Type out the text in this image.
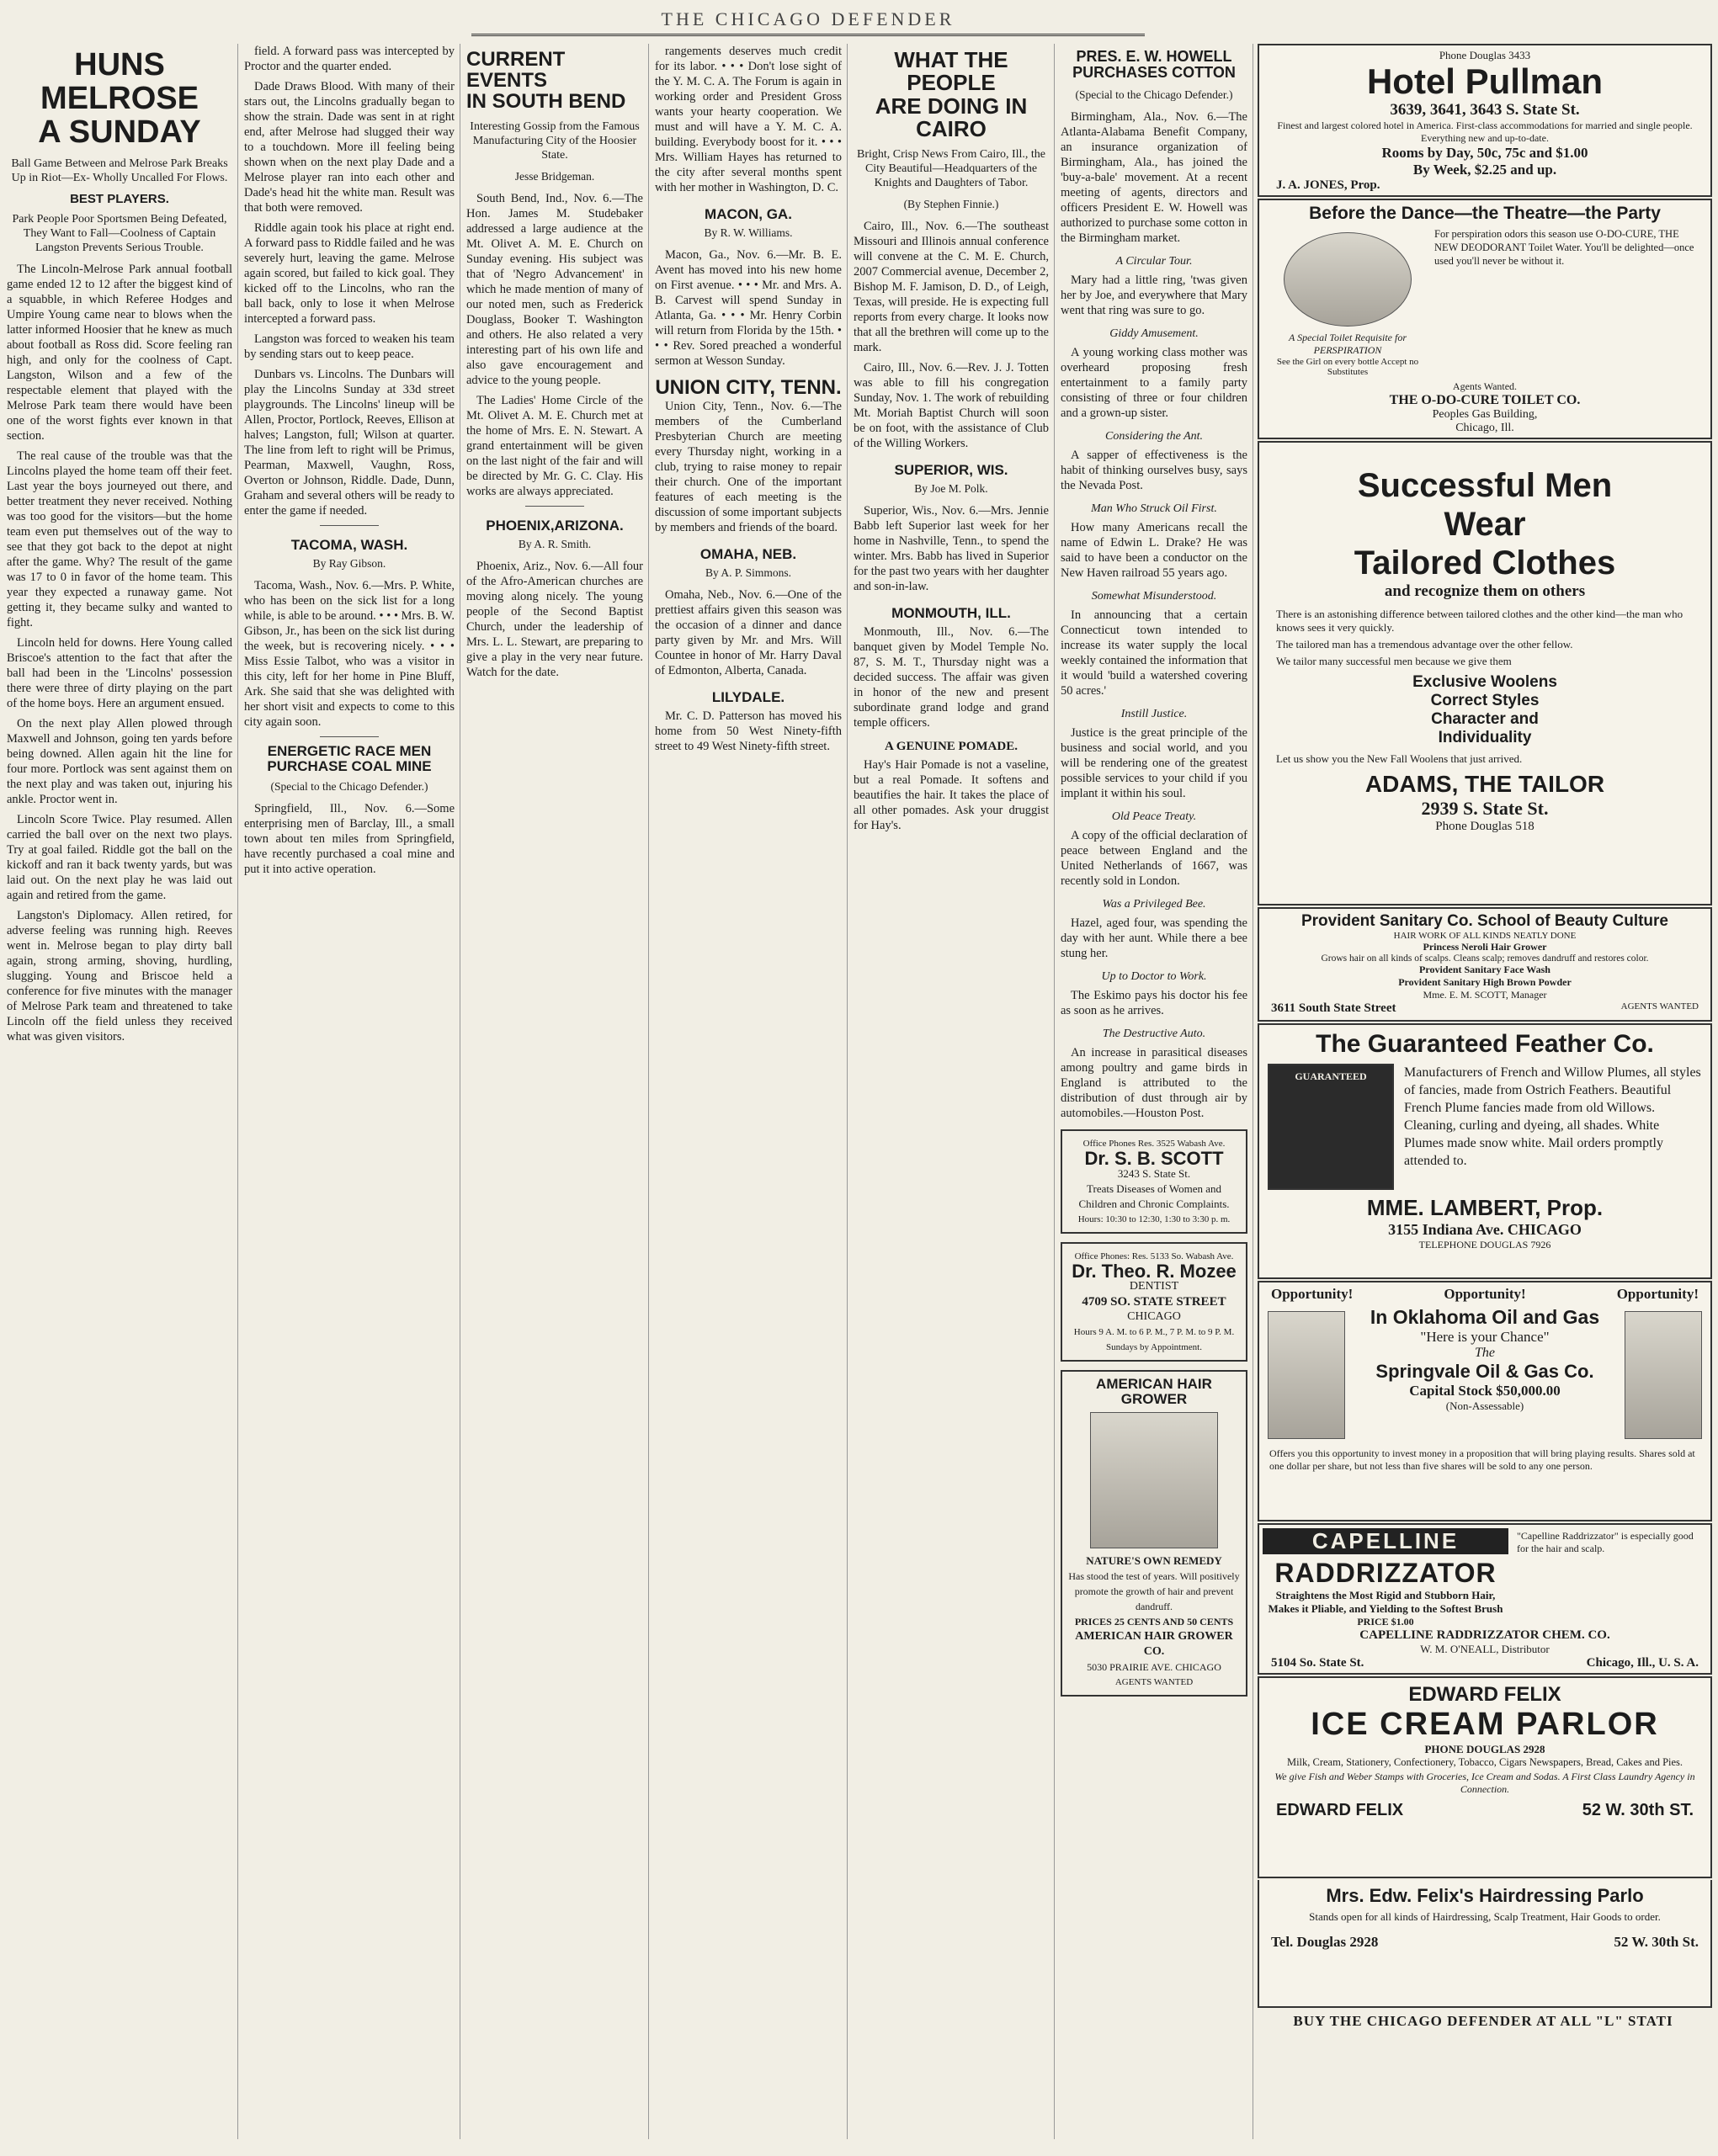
THE CHICAGO DEFENDER
HUNS
MELROSE
A SUNDAY
Ball Game Between and Melrose Park Breaks Up in Riot—Ex- Wholly Uncalled For Flows.
BEST PLAYERS.
Park People Poor Sportsmen Being Defeated, They Want to Fall—Coolness of Captain Langston Prevents Serious Trouble.

The Lincoln-Melrose Park annual football game ended 12 to 12 after the biggest kind of a squabble, in which Referee Hodges and Umpire Young came near to blows when the latter informed Hoosier that he knew as much about football as Ross did. Score feeling ran high, and only for the coolness of Capt. Langston, Wilson and a few of the respectable element that played with the Melrose Park team there would have been one of the worst fights ever known in that section.

The real cause of the trouble was that the Lincolns played the home team off their feet. Last year the boys journeyed out there, and better treatment they never received. Nothing was too good for the visitors—but the home team even put themselves out of the way to see that they got back to the depot at night after the game. Why? The result of the game was 17 to 0 in favor of the home team. This year they expected a runaway game. Not getting it, they became sulky and wanted to fight.

Lincoln held for downs. Here Young called Briscoe's attention to the fact that after the ball had been in the 'Lincolns' possession there were three of dirty playing on the part of the home boys. Here an argument ensued.

On the next play Allen plowed through Maxwell and Johnson, going ten yards before being downed. Allen again hit the line for four more. Portlock was sent against them on the next play and was taken out, injuring his ankle. Proctor went in.

Lincoln Score Twice. Play resumed. Allen carried the ball over on the next two plays. Try at goal failed. Riddle got the ball on the kickoff and ran it back twenty yards, but was laid out. On the next play he was laid out again and retired from the game.

Langston's Diplomacy. Allen retired, for adverse feeling was running high. Reeves went in. Melrose began to play dirty ball again, strong arming, shoving, hurdling, slugging. Young and Briscoe held a conference for five minutes with the manager of Melrose Park team and threatened to take Lincoln off the field unless they received what was given visitors.

field. A forward pass was intercepted by Proctor and the quarter ended.

Dade Draws Blood. With many of their stars out, the Lincolns gradually began to show the strain. Dade was sent in at right end, after Melrose had slugged their way to a touchdown. More ill feeling being shown when on the next play Dade and a Melrose player ran into each other and Dade's head hit the white man. Result was that both were removed.

Riddle again took his place at right end. A forward pass to Riddle failed and he was severely hurt, leaving the game. Melrose again scored, but failed to kick goal. They kicked off to the Lincolns, who ran the ball back, only to lose it when Melrose intercepted a forward pass.

Langston was forced to weaken his team by sending stars out to keep peace.

Dunbars vs. Lincolns. The Dunbars will play the Lincolns Sunday at 33d street playgrounds. The Lincolns' lineup will be Allen, Proctor, Portlock, Reeves, Ellison at halves; Langston, full; Wilson at quarter. The line from left to right will be Primus, Pearman, Maxwell, Vaughn, Ross, Overton or Johnson, Riddle. Dade, Dunn, Graham and several others will be ready to enter the game if needed.

TACOMA, WASH.
By Ray Gibson.

Tacoma, Wash., Nov. 6.—Mrs. P. White, who has been on the sick list for a long while, is able to be around. • • • Mrs. B. W. Gibson, Jr., has been on the sick list during the week, but is recovering nicely. • • • Miss Essie Talbot, who was a visitor in this city, left for her home in Pine Bluff, Ark. She said that she was delighted with her short visit and expects to come to this city again soon.

ENERGETIC RACE MEN PURCHASE COAL MINE
(Special to the Chicago Defender.)

Springfield, Ill., Nov. 6.—Some enterprising men of Barclay, Ill., a small town about ten miles from Springfield, have recently purchased a coal mine and put it into active operation.

CURRENT EVENTS
IN SOUTH BEND
Interesting Gossip from the Famous Manufacturing City of the Hoosier State.
Jesse Bridgeman.

South Bend, Ind., Nov. 6.—The Hon. James M. Studebaker addressed a large audience at the Mt. Olivet A. M. E. Church on Sunday evening. His subject was that of 'Negro Advancement' in which he made mention of many of our noted men, such as Frederick Douglass, Booker T. Washington and others. He also related a very interesting part of his own life and also gave encouragement and advice to the young people.

The Ladies' Home Circle of the Mt. Olivet A. M. E. Church met at the home of Mrs. E. N. Stewart. A grand entertainment will be given on the last night of the fair and will be directed by Mr. G. C. Clay. His works are always appreciated.

PHOENIX,ARIZONA.
By A. R. Smith.

Phoenix, Ariz., Nov. 6.—All four of the Afro-American churches are moving along nicely. The young people of the Second Baptist Church, under the leadership of Mrs. L. L. Stewart, are preparing to give a play in the very near future. Watch for the date.

rangements deserves much credit for its labor. • • • Don't lose sight of the Y. M. C. A. The Forum is again in working order and President Gross wants your hearty cooperation. We must and will have a Y. M. C. A. building. Everybody boost for it. • • • Mrs. William Hayes has returned to the city after several months spent with her mother in Washington, D. C.

MACON, GA.
By R. W. Williams.

Macon, Ga., Nov. 6.—Mr. B. E. Avent has moved into his new home on First avenue. • • • Mr. and Mrs. A. B. Carvest will spend Sunday in Atlanta, Ga. • • • Mr. Henry Corbin will return from Florida by the 15th. • • • Rev. Sored preached a wonderful sermon at Wesson Sunday.

UNION CITY, TENN.

Union City, Tenn., Nov. 6.—The members of the Cumberland Presbyterian Church are meeting every Thursday night, working in a club, trying to raise money to repair their church. One of the important features of each meeting is the discussion of some important subjects by members and friends of the board.

OMAHA, NEB.
By A. P. Simmons.

Omaha, Neb., Nov. 6.—One of the prettiest affairs given this season was the occasion of a dinner and dance party given by Mr. and Mrs. Will Countee in honor of Mr. Harry Daval of Edmonton, Alberta, Canada.

LILYDALE.

Mr. C. D. Patterson has moved his home from 50 West Ninety-fifth street to 49 West Ninety-fifth street.

WHAT THE PEOPLE
ARE DOING IN CAIRO
Bright, Crisp News From Cairo, Ill., the City Beautiful—Headquarters of the Knights and Daughters of Tabor.
(By Stephen Finnie.)

Cairo, Ill., Nov. 6.—The southeast Missouri and Illinois annual conference will convene at the C. M. E. Church, 2007 Commercial avenue, December 2, Bishop M. F. Jamison, D. D., of Leigh, Texas, will preside. He is expecting full reports from every charge. It looks now that all the brethren will come up to the mark.

Cairo, Ill., Nov. 6.—Rev. J. J. Totten was able to fill his congregation Sunday, Nov. 1. The work of rebuilding Mt. Moriah Baptist Church will soon be on foot, with the assistance of Club of the Willing Workers.

SUPERIOR, WIS.
By Joe M. Polk.

Superior, Wis., Nov. 6.—Mrs. Jennie Babb left Superior last week for her home in Nashville, Tenn., to spend the winter. Mrs. Babb has lived in Superior for the past two years with her daughter and son-in-law.

MONMOUTH, ILL.

Monmouth, Ill., Nov. 6.—The banquet given by Model Temple No. 87, S. M. T., Thursday night was a decided success. The affair was given in honor of the new and present subordinate grand lodge and grand temple officers.

A GENUINE POMADE.

Hay's Hair Pomade is not a vaseline, but a real Pomade. It softens and beautifies the hair. It takes the place of all other pomades. Ask your druggist for Hay's.

PRES. E. W. HOWELL
PURCHASES COTTON
(Special to the Chicago Defender.)

Birmingham, Ala., Nov. 6.—The Atlanta-Alabama Benefit Company, an insurance organization of Birmingham, Ala., has joined the 'buy-a-bale' movement. At a recent meeting of agents, directors and officers President E. W. Howell was authorized to purchase some cotton in the Birmingham market.

A Circular Tour.

Mary had a little ring, 'twas given her by Joe, and everywhere that Mary went that ring was sure to go.

Giddy Amusement.

A young working class mother was overheard proposing fresh entertainment to a family party consisting of three or four children and a grown-up sister.

Considering the Ant.

A sapper of effectiveness is the habit of thinking ourselves busy, says the Nevada Post.

Man Who Struck Oil First.

How many Americans recall the name of Edwin L. Drake? He was said to have been a conductor on the New Haven railroad 55 years ago.

Somewhat Misunderstood.

In announcing that a certain Connecticut town intended to increase its water supply the local weekly contained the information that it would 'build a watershed covering 50 acres.'

Instill Justice.

Justice is the great principle of the business and social world, and you will be rendering one of the greatest possible services to your child if you implant it within his soul.

Old Peace Treaty.

A copy of the official declaration of peace between England and the United Netherlands of 1667, was recently sold in London.

Was a Privileged Bee.

Hazel, aged four, was spending the day with her aunt. While there a bee stung her.

Up to Doctor to Work.

The Eskimo pays his doctor his fee as soon as he arrives.

The Destructive Auto.

An increase in parasitical diseases among poultry and game birds in England is attributed to the distribution of dust through air by automobiles.—Houston Post.

Office Phones Res. 3525 Wabash Ave.
Dr. S. B. SCOTT
3243 S. State St.
Treats Diseases of Women and Children and Chronic Complaints.
Hours: 10:30 to 12:30, 1:30 to 3:30 p. m.
Office Phones: Res. 5133 So. Wabash Ave.
Dr. Theo. R. Mozee
DENTIST
4709 SO. STATE STREET
CHICAGO
Hours 9 A. M. to 6 P. M., 7 P. M. to 9 P. M. Sundays by Appointment.
AMERICAN HAIR GROWER
NATURE'S OWN REMEDY
Has stood the test of years. Will positively promote the growth of hair and prevent dandruff.
PRICES 25 CENTS AND 50 CENTS
AMERICAN HAIR GROWER CO.
5030 PRAIRIE AVE. CHICAGO
AGENTS WANTED
Phone Douglas 3433
Hotel Pullman
3639, 3641, 3643 S. State St.
Finest and largest colored hotel in America. First-class accommodations for married and single people. Everything new and up-to-date.
Rooms by Day, 50c, 75c and $1.00
By Week, $2.25 and up.
J. A. JONES, Prop.
Before the Dance—the Theatre—the Party
A Special Toilet Requisite for PERSPIRATION
See the Girl on every bottle Accept no Substitutes
For perspiration odors this season use O-DO-CURE, THE NEW DEODORANT Toilet Water. You'll be delighted—once used you'll never be without it.
Agents Wanted.
THE O-DO-CURE TOILET CO.
Peoples Gas Building,
Chicago, Ill.
Successful Men
Wear
Tailored Clothes
and recognize them on others
There is an astonishing difference between tailored clothes and the other kind—the man who knows sees it very quickly.
The tailored man has a tremendous advantage over the other fellow.
We tailor many successful men because we give them
Exclusive Woolens
Correct Styles
Character and
Individuality
Let us show you the New Fall Woolens that just arrived.
ADAMS, THE TAILOR
2939 S. State St.
Phone Douglas 518
Provident Sanitary Co. School of Beauty Culture
HAIR WORK OF ALL KINDS NEATLY DONE
Princess Neroli Hair Grower
Grows hair on all kinds of scalps. Cleans scalp; removes dandruff and restores color.
Provident Sanitary Face Wash
Provident Sanitary High Brown Powder
Mme. E. M. SCOTT, Manager
3611 South State Street	AGENTS WANTED
The Guaranteed Feather Co.
GUARANTEED	Manufacturers of French and Willow Plumes, all styles of fancies, made from Ostrich Feathers. Beautiful French Plume fancies made from old Willows. Cleaning, curling and dyeing, all shades. White Plumes made snow white. Mail orders promptly attended to.
MME. LAMBERT, Prop.
3155 Indiana Ave. CHICAGO
TELEPHONE DOUGLAS 7926
Opportunity!	Opportunity!	Opportunity!
In Oklahoma Oil and Gas
"Here is your Chance"
The
Springvale Oil & Gas Co.
Capital Stock $50,000.00
(Non-Assessable)
Offers you this opportunity to invest money in a proposition that will bring playing results. Shares sold at one dollar per share, but not less than five shares will be sold to any one person.
CAPELLINE
RADDRIZZATOR
Straightens the Most Rigid and Stubborn Hair, Makes it Pliable, and Yielding to the Softest Brush
PRICE $1.00
"Capelline Raddrizzator" is especially good for the hair and scalp.
CAPELLINE RADDRIZZATOR CHEM. CO.
W. M. O'NEALL, Distributor
5104 So. State St.	Chicago, Ill., U. S. A.
EDWARD FELIX
ICE CREAM PARLOR
PHONE DOUGLAS 2928
Milk, Cream, Stationery, Confectionery, Tobacco, Cigars Newspapers, Bread, Cakes and Pies.
We give Fish and Weber Stamps with Groceries, Ice Cream and Sodas. A First Class Laundry Agency in Connection.
EDWARD FELIX	52 W. 30th ST.
Mrs. Edw. Felix's Hairdressing Parlo
Stands open for all kinds of Hairdressing, Scalp Treatment, Hair Goods to order.
Tel. Douglas 2928	52 W. 30th St.
BUY THE CHICAGO DEFENDER AT ALL "L" STATI
